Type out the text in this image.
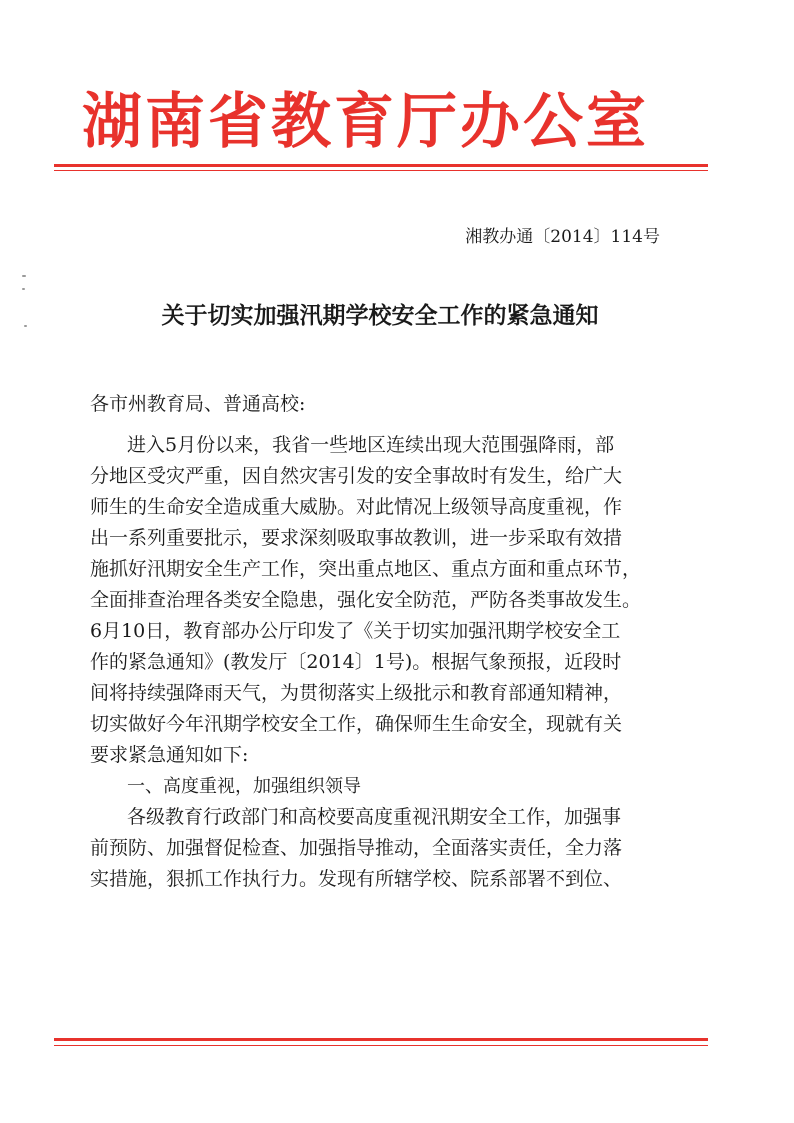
湖南省教育厅办公室
湘教办通〔2014〕114号
关于切实加强汛期学校安全工作的紧急通知
各市州教育局、普通高校:
进入5月份以来，我省一些地区连续出现大范围强降雨，部
分地区受灾严重，因自然灾害引发的安全事故时有发生，给广大
师生的生命安全造成重大威胁。对此情况上级领导高度重视，作
出一系列重要批示，要求深刻吸取事故教训，进一步采取有效措
施抓好汛期安全生产工作，突出重点地区、重点方面和重点环节，
全面排查治理各类安全隐患，强化安全防范，严防各类事故发生。
6月10日，教育部办公厅印发了《关于切实加强汛期学校安全工
作的紧急通知》(教发厅〔2014〕1号)。根据气象预报，近段时
间将持续强降雨天气，为贯彻落实上级批示和教育部通知精神，
切实做好今年汛期学校安全工作，确保师生生命安全，现就有关
要求紧急通知如下:
一、高度重视，加强组织领导
各级教育行政部门和高校要高度重视汛期安全工作，加强事
前预防、加强督促检查、加强指导推动，全面落实责任，全力落
实措施，狠抓工作执行力。发现有所辖学校、院系部署不到位、
